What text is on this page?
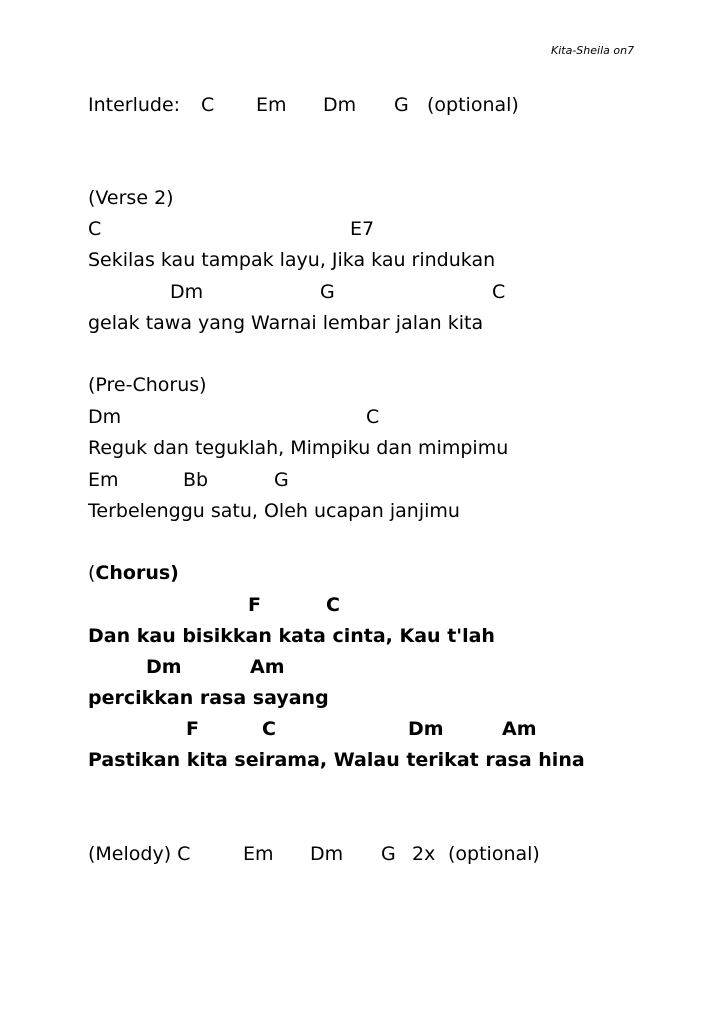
Kita-Sheila on7
Interlude: C Em Dm G (optional)
(Verse 2)
C	E7
Sekilas kau tampak layu, Jika kau rindukan
Dm	G	C
gelak tawa yang Warnai lembar jalan kita
(Pre-Chorus)
Dm	C
Reguk dan teguklah, Mimpiku dan mimpimu
Em	Bb	G
Terbelenggu satu, Oleh ucapan janjimu
(Chorus)
F	C
Dan kau bisikkan kata cinta, Kau t'lah
Dm	Am
percikkan rasa sayang
F	C	Dm	Am
Pastikan kita seirama, Walau terikat rasa hina
(Melody) C	Em Dm G 2x (optional)
